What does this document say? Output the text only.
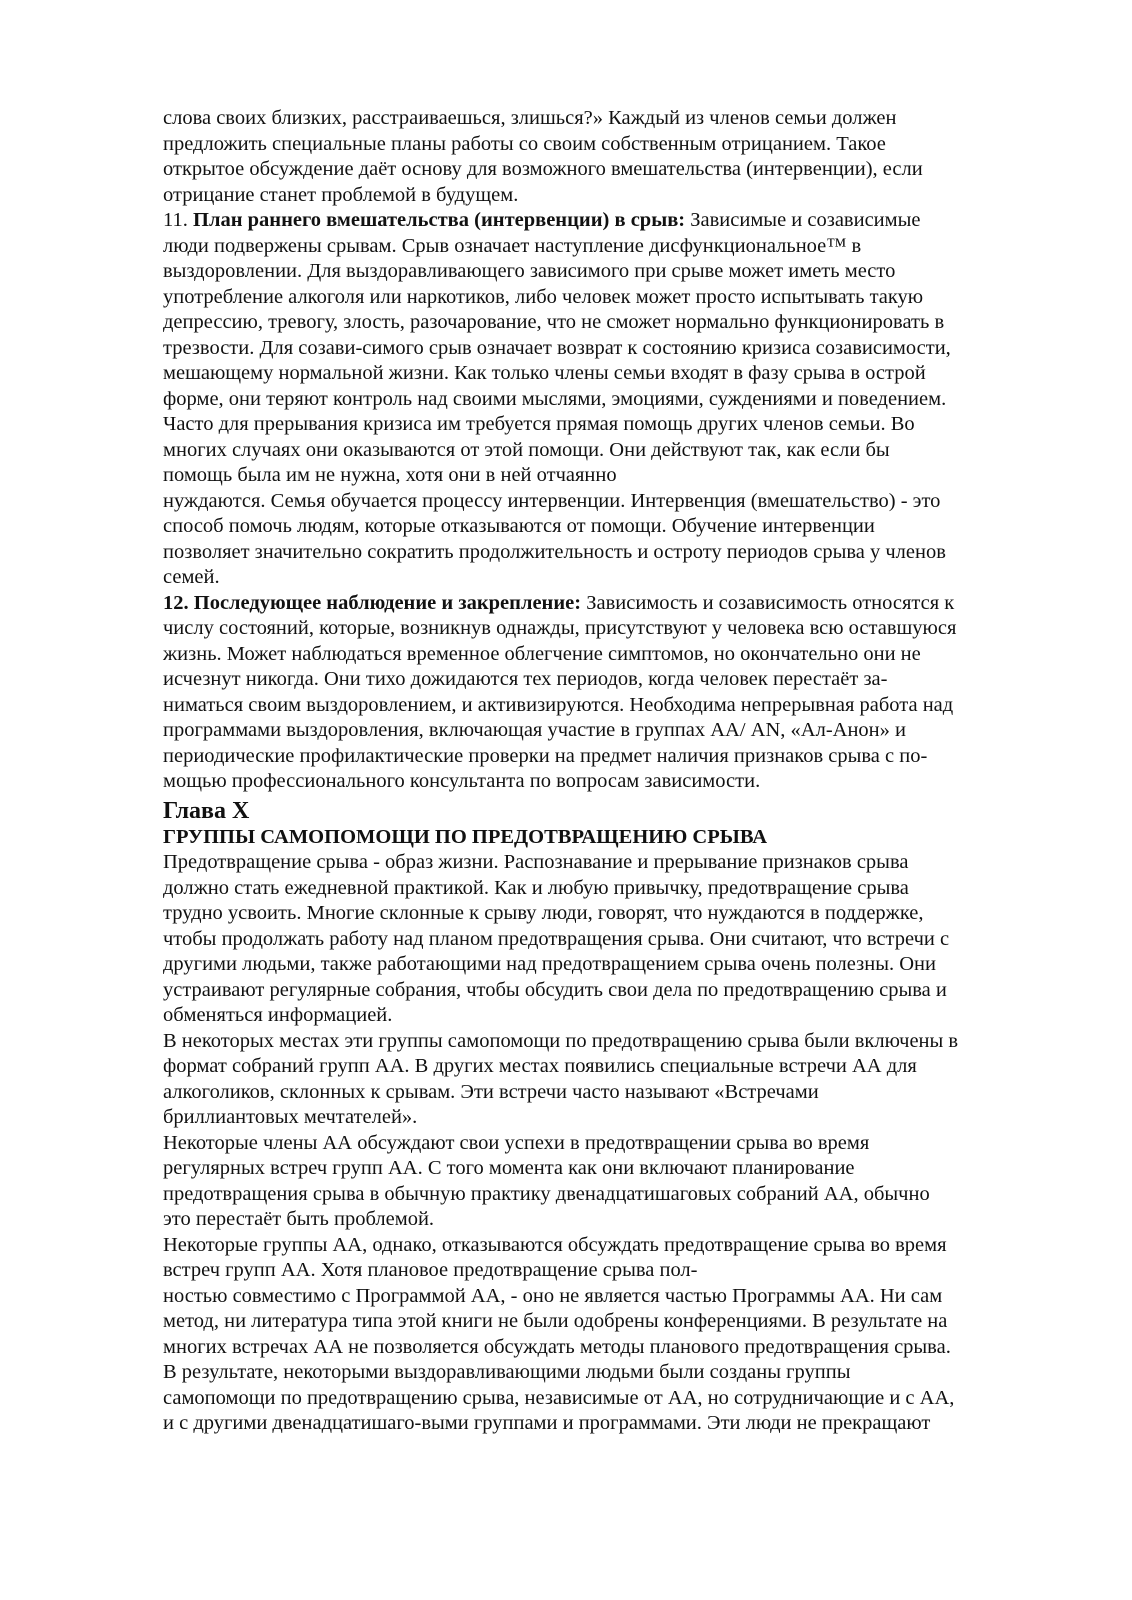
слова своих близких, расстраиваешься, злишься?» Каждый из членов семьи должен
предложить специальные планы работы со своим собственным отрицанием. Такое
открытое обсуждение даёт основу для возможного вмешательства (интервенции), если
отрицание станет проблемой в будущем.
11. План раннего вмешательства (интервенции) в срыв: Зависимые и созависимые
люди подвержены срывам. Срыв означает наступление дисфункциональное™ в
выздоровлении. Для выздоравливающего зависимого при срыве может иметь место
употребление алкоголя или наркотиков, либо человек может просто испытывать такую
депрессию, тревогу, злость, разочарование, что не сможет нормально функционировать в
трезвости. Для созави-симого срыв означает возврат к состоянию кризиса созависимости,
мешающему нормальной жизни. Как только члены семьи входят в фазу срыва в острой
форме, они теряют контроль над своими мыслями, эмоциями, суждениями и поведением.
Часто для прерывания кризиса им требуется прямая помощь других членов семьи. Во
многих случаях они оказываются от этой помощи. Они действуют так, как если бы
помощь была им не нужна, хотя они в ней отчаянно
нуждаются. Семья обучается процессу интервенции. Интервенция (вмешательство) - это
способ помочь людям, которые отказываются от помощи. Обучение интервенции
позволяет значительно сократить продолжительность и остроту периодов срыва у членов
семей.
12. Последующее наблюдение и закрепление: Зависимость и созависимость относятся к
числу состояний, которые, возникнув однажды, присутствуют у человека всю оставшуюся
жизнь. Может наблюдаться временное облегчение симптомов, но окончательно они не
исчезнут никогда. Они тихо дожидаются тех периодов, когда человек перестаёт за-
ниматься своим выздоровлением, и активизируются. Необходима непрерывная работа над
программами выздоровления, включающая участие в группах АА/ AN, «Ал-Анон» и
периодические профилактические проверки на предмет наличия признаков срыва с по-
мощью профессионального консультанта по вопросам зависимости.
Глава X
ГРУППЫ САМОПОМОЩИ ПО ПРЕДОТВРАЩЕНИЮ СРЫВА
Предотвращение срыва - образ жизни. Распознавание и прерывание признаков срыва
должно стать ежедневной практикой. Как и любую привычку, предотвращение срыва
трудно усвоить. Многие склонные к срыву люди, говорят, что нуждаются в поддержке,
чтобы продолжать работу над планом предотвращения срыва. Они считают, что встречи с
другими людьми, также работающими над предотвращением срыва очень полезны. Они
устраивают регулярные собрания, чтобы обсудить свои дела по предотвращению срыва и
обменяться информацией.
В некоторых местах эти группы самопомощи по предотвращению срыва были включены в
формат собраний групп АА. В других местах появились специальные встречи АА для
алкоголиков, склонных к срывам. Эти встречи часто называют «Встречами
бриллиантовых мечтателей».
Некоторые члены АА обсуждают свои успехи в предотвращении срыва во время
регулярных встреч групп АА. С того момента как они включают планирование
предотвращения срыва в обычную практику двенадцатишаговых собраний АА, обычно
это перестаёт быть проблемой.
Некоторые группы АА, однако, отказываются обсуждать предотвращение срыва во время
встреч групп АА. Хотя плановое предотвращение срыва пол-
ностью совместимо с Программой АА, - оно не является частью Программы АА. Ни сам
метод, ни литература типа этой книги не были одобрены конференциями. В результате на
многих встречах АА не позволяется обсуждать методы планового предотвращения срыва.
В результате, некоторыми выздоравливающими людьми были созданы группы
самопомощи по предотвращению срыва, независимые от АА, но сотрудничающие и с АА,
и с другими двенадцатишаго-выми группами и программами. Эти люди не прекращают
